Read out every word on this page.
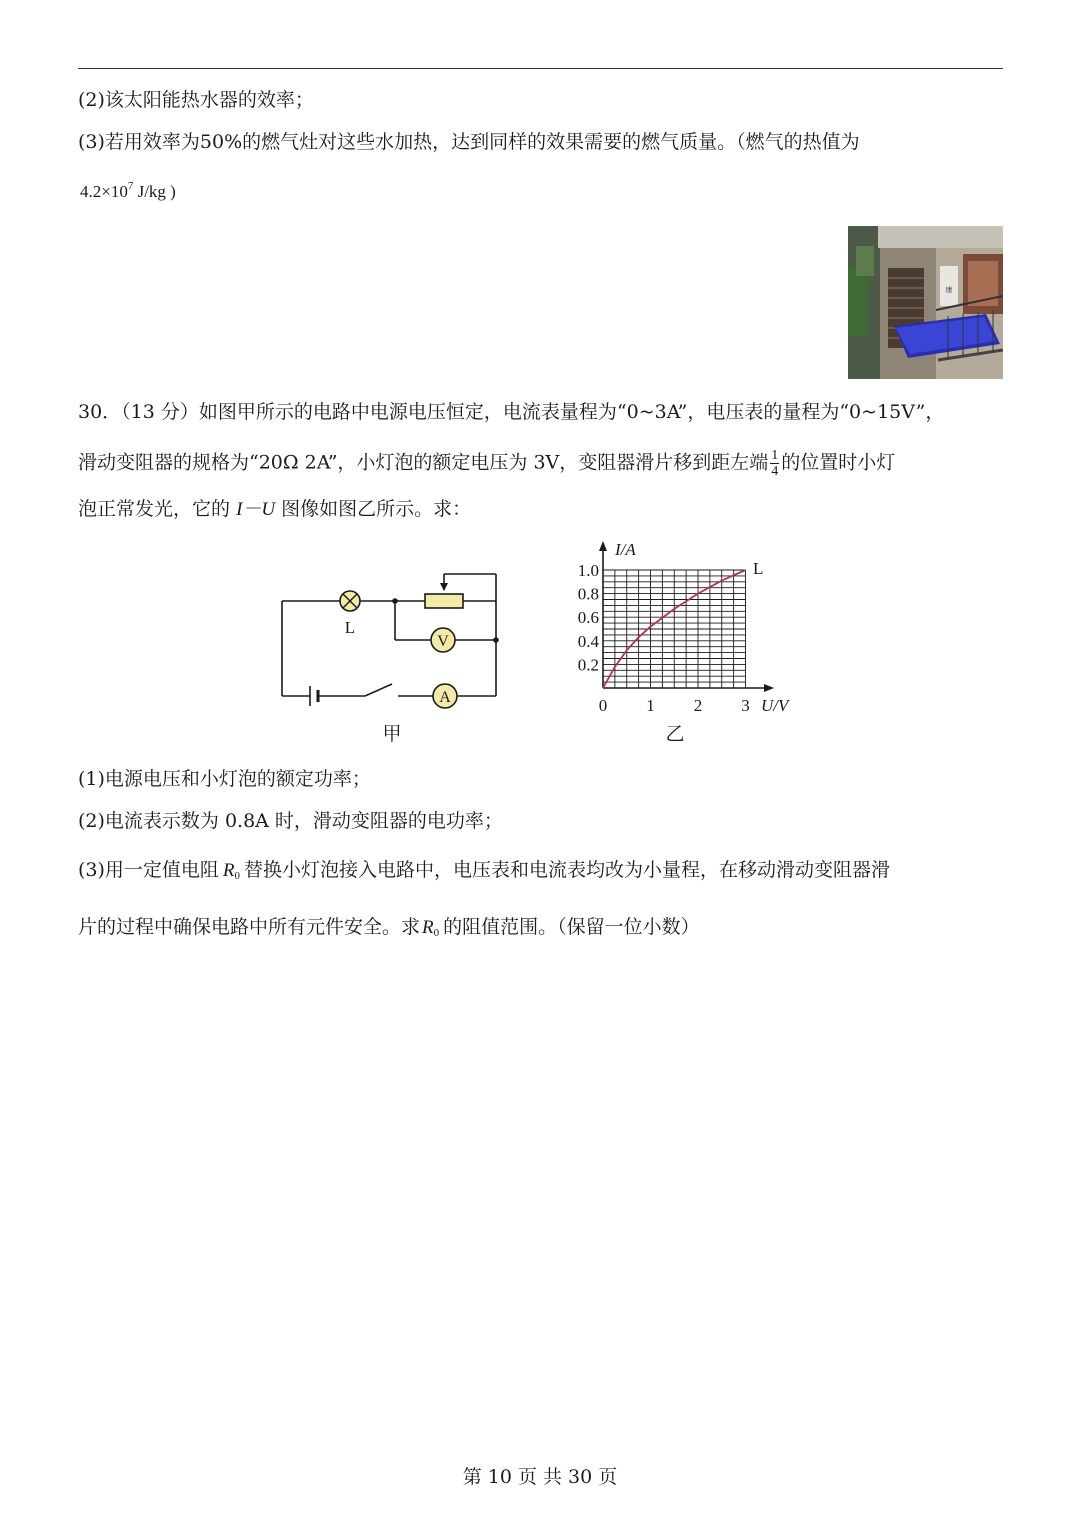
(2)该太阳能热水器的效率；
(3)若用效率为50%的燃气灶对这些水加热，达到同样的效果需要的燃气质量。（燃气的热值为
$4.2\times 10^7$ J/kg )
康
30．（13 分）如图甲所示的电路中电源电压恒定，电流表量程为“0~3A”，电压表的量程为“0~15V”，
滑动变阻器的规格为“20Ω 2A”，小灯泡的额定电压为 3V，变阻器滑片移到距左端 $\frac{1}{4}$ 的位置时小灯
泡正常发光，它的 I－U 图像如图乙所示。求：
L
V
A
甲
I/A
U/V
0.2
0.4
0.6
0.8
1.0
0 1 2 3
L
乙
(1)电源电压和小灯泡的额定功率；
(2)电流表示数为 0.8A 时，滑动变阻器的电功率；
(3)用一定值电阻 $R_0$ 替换小灯泡接入电路中，电压表和电流表均改为小量程，在移动滑动变阻器滑
片的过程中确保电路中所有元件安全。求 $R_0$ 的阻值范围。（保留一位小数）
第 10 页 共 30 页
